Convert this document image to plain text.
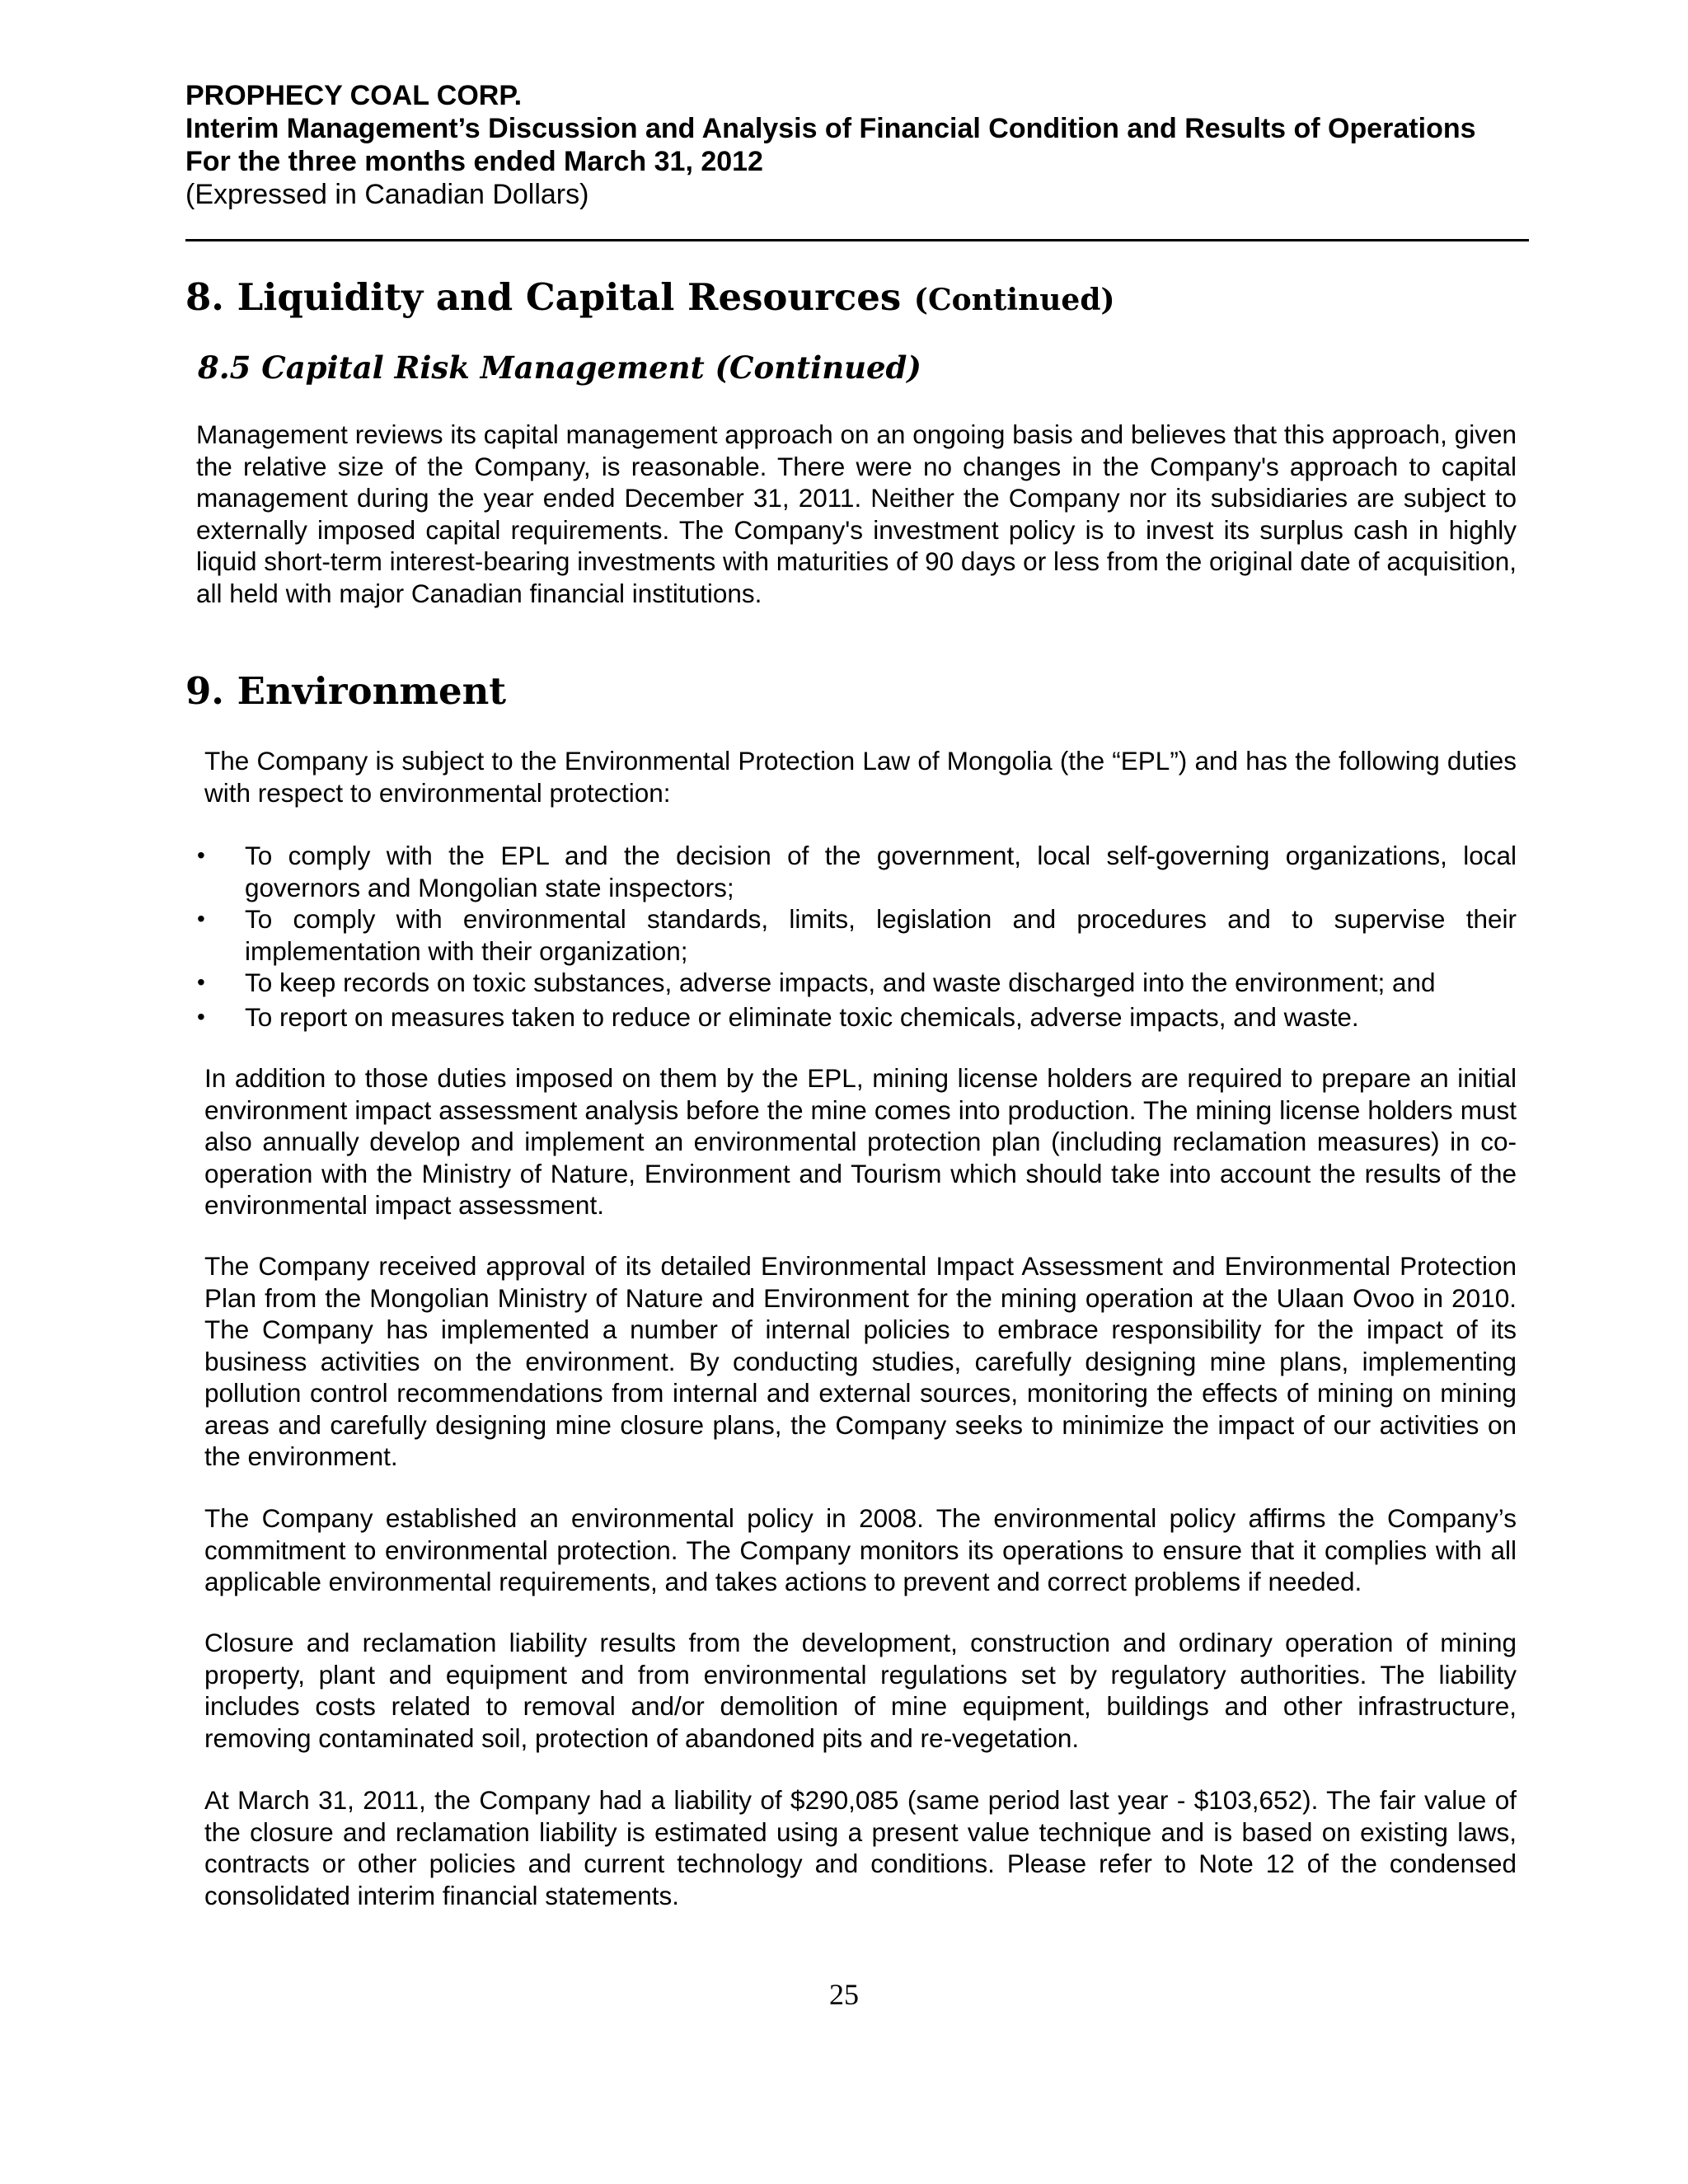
PROPHECY COAL CORP.
Interim Management’s Discussion and Analysis of Financial Condition and Results of Operations
For the three months ended March 31, 2012
(Expressed in Canadian Dollars)
8. Liquidity and Capital Resources (Continued)
8.5 Capital Risk Management (Continued)
Management reviews its capital management approach on an ongoing basis and believes that this approach, given the relative size of the Company, is reasonable. There were no changes in the Company's approach to capital management during the year ended December 31, 2011. Neither the Company nor its subsidiaries are subject to externally imposed capital requirements. The Company's investment policy is to invest its surplus cash in highly liquid short-term interest-bearing investments with maturities of 90 days or less from the original date of acquisition, all held with major Canadian financial institutions.
9. Environment
The Company is subject to the Environmental Protection Law of Mongolia (the “EPL”) and has the following duties with respect to environmental protection:
• To comply with the EPL and the decision of the government, local self-governing organizations, local governors and Mongolian state inspectors;
• To comply with environmental standards, limits, legislation and procedures and to supervise their implementation with their organization;
• To keep records on toxic substances, adverse impacts, and waste discharged into the environment; and
• To report on measures taken to reduce or eliminate toxic chemicals, adverse impacts, and waste.
In addition to those duties imposed on them by the EPL, mining license holders are required to prepare an initial environment impact assessment analysis before the mine comes into production. The mining license holders must also annually develop and implement an environmental protection plan (including reclamation measures) in co-operation with the Ministry of Nature, Environment and Tourism which should take into account the results of the environmental impact assessment.
The Company received approval of its detailed Environmental Impact Assessment and Environmental Protection Plan from the Mongolian Ministry of Nature and Environment for the mining operation at the Ulaan Ovoo in 2010. The Company has implemented a number of internal policies to embrace responsibility for the impact of its business activities on the environment. By conducting studies, carefully designing mine plans, implementing pollution control recommendations from internal and external sources, monitoring the effects of mining on mining areas and carefully designing mine closure plans, the Company seeks to minimize the impact of our activities on the environment.
The Company established an environmental policy in 2008. The environmental policy affirms the Company’s commitment to environmental protection. The Company monitors its operations to ensure that it complies with all applicable environmental requirements, and takes actions to prevent and correct problems if needed.
Closure and reclamation liability results from the development, construction and ordinary operation of mining property, plant and equipment and from environmental regulations set by regulatory authorities. The liability includes costs related to removal and/or demolition of mine equipment, buildings and other infrastructure, removing contaminated soil, protection of abandoned pits and re-vegetation.
At March 31, 2011, the Company had a liability of $290,085 (same period last year - $103,652). The fair value of the closure and reclamation liability is estimated using a present value technique and is based on existing laws, contracts or other policies and current technology and conditions. Please refer to Note 12 of the condensed consolidated interim financial statements.
25
